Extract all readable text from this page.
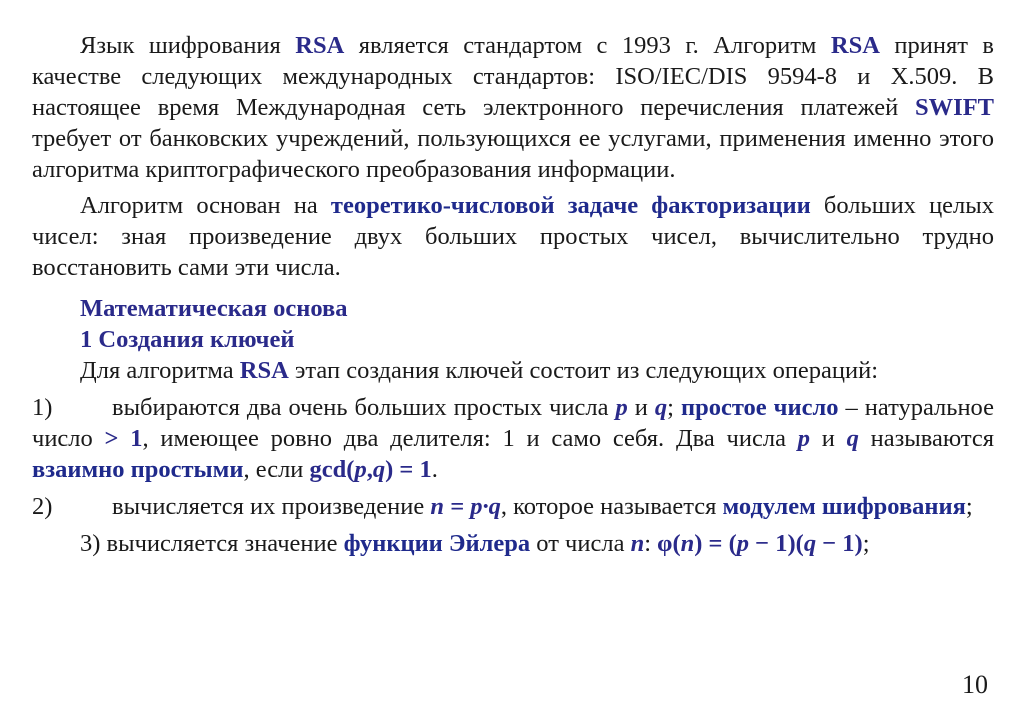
Язык шифрования RSA является стандартом с 1993 г. Алгоритм RSA принят в качестве следующих международных стандартов: ISO/IEC/DIS 9594-8 и X.509. В настоящее время Международная сеть электронного перечисления платежей SWIFT требует от банковских учреждений, пользующихся ее услугами, применения именно этого алгоритма криптографического преобразования информации.

Алгоритм основан на теоретико-числовой задаче факторизации больших целых чисел: зная произведение двух больших простых чисел, вычислительно трудно восстановить сами эти числа.

Математическая основа

1 Создания ключей

Для алгоритма RSA этап создания ключей состоит из следующих операций:

1) выбираются два очень больших простых числа p и q; простое число – натуральное число > 1, имеющее ровно два делителя: 1 и само себя. Два числа p и q называются взаимно простыми, если gcd(p,q) = 1.

2) вычисляется их произведение n = p·q, которое называется модулем шифрования;

3) вычисляется значение функции Эйлера от числа n: φ(n) = (p − 1)(q − 1);

10
